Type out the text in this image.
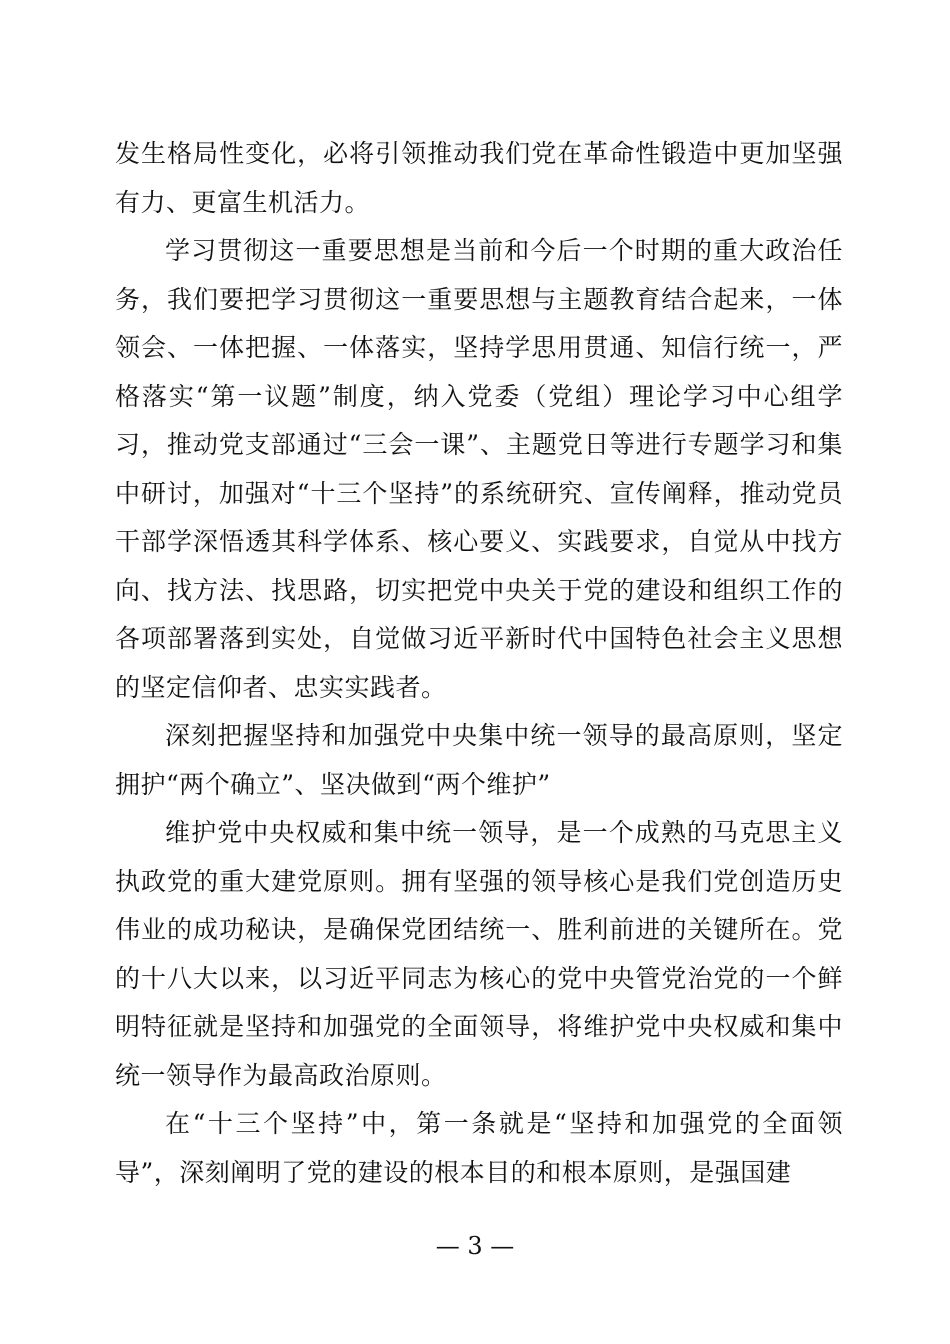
发生格局性变化，必将引领推动我们党在革命性锻造中更加坚强有力、更富生机活力。

学习贯彻这一重要思想是当前和今后一个时期的重大政治任务，我们要把学习贯彻这一重要思想与主题教育结合起来，一体领会、一体把握、一体落实，坚持学思用贯通、知信行统一，严格落实“第一议题”制度，纳入党委（党组）理论学习中心组学习，推动党支部通过“三会一课”、主题党日等进行专题学习和集中研讨，加强对“十三个坚持”的系统研究、宣传阐释，推动党员干部学深悟透其科学体系、核心要义、实践要求，自觉从中找方向、找方法、找思路，切实把党中央关于党的建设和组织工作的各项部署落到实处，自觉做习近平新时代中国特色社会主义思想的坚定信仰者、忠实实践者。

深刻把握坚持和加强党中央集中统一领导的最高原则，坚定拥护“两个确立”、坚决做到“两个维护”

维护党中央权威和集中统一领导，是一个成熟的马克思主义执政党的重大建党原则。拥有坚强的领导核心是我们党创造历史伟业的成功秘诀，是确保党团结统一、胜利前进的关键所在。党的十八大以来，以习近平同志为核心的党中央管党治党的一个鲜明特征就是坚持和加强党的全面领导，将维护党中央权威和集中统一领导作为最高政治原则。

在“十三个坚持”中，第一条就是“坚持和加强党的全面领导”，深刻阐明了党的建设的根本目的和根本原则，是强国建

— 3 —
